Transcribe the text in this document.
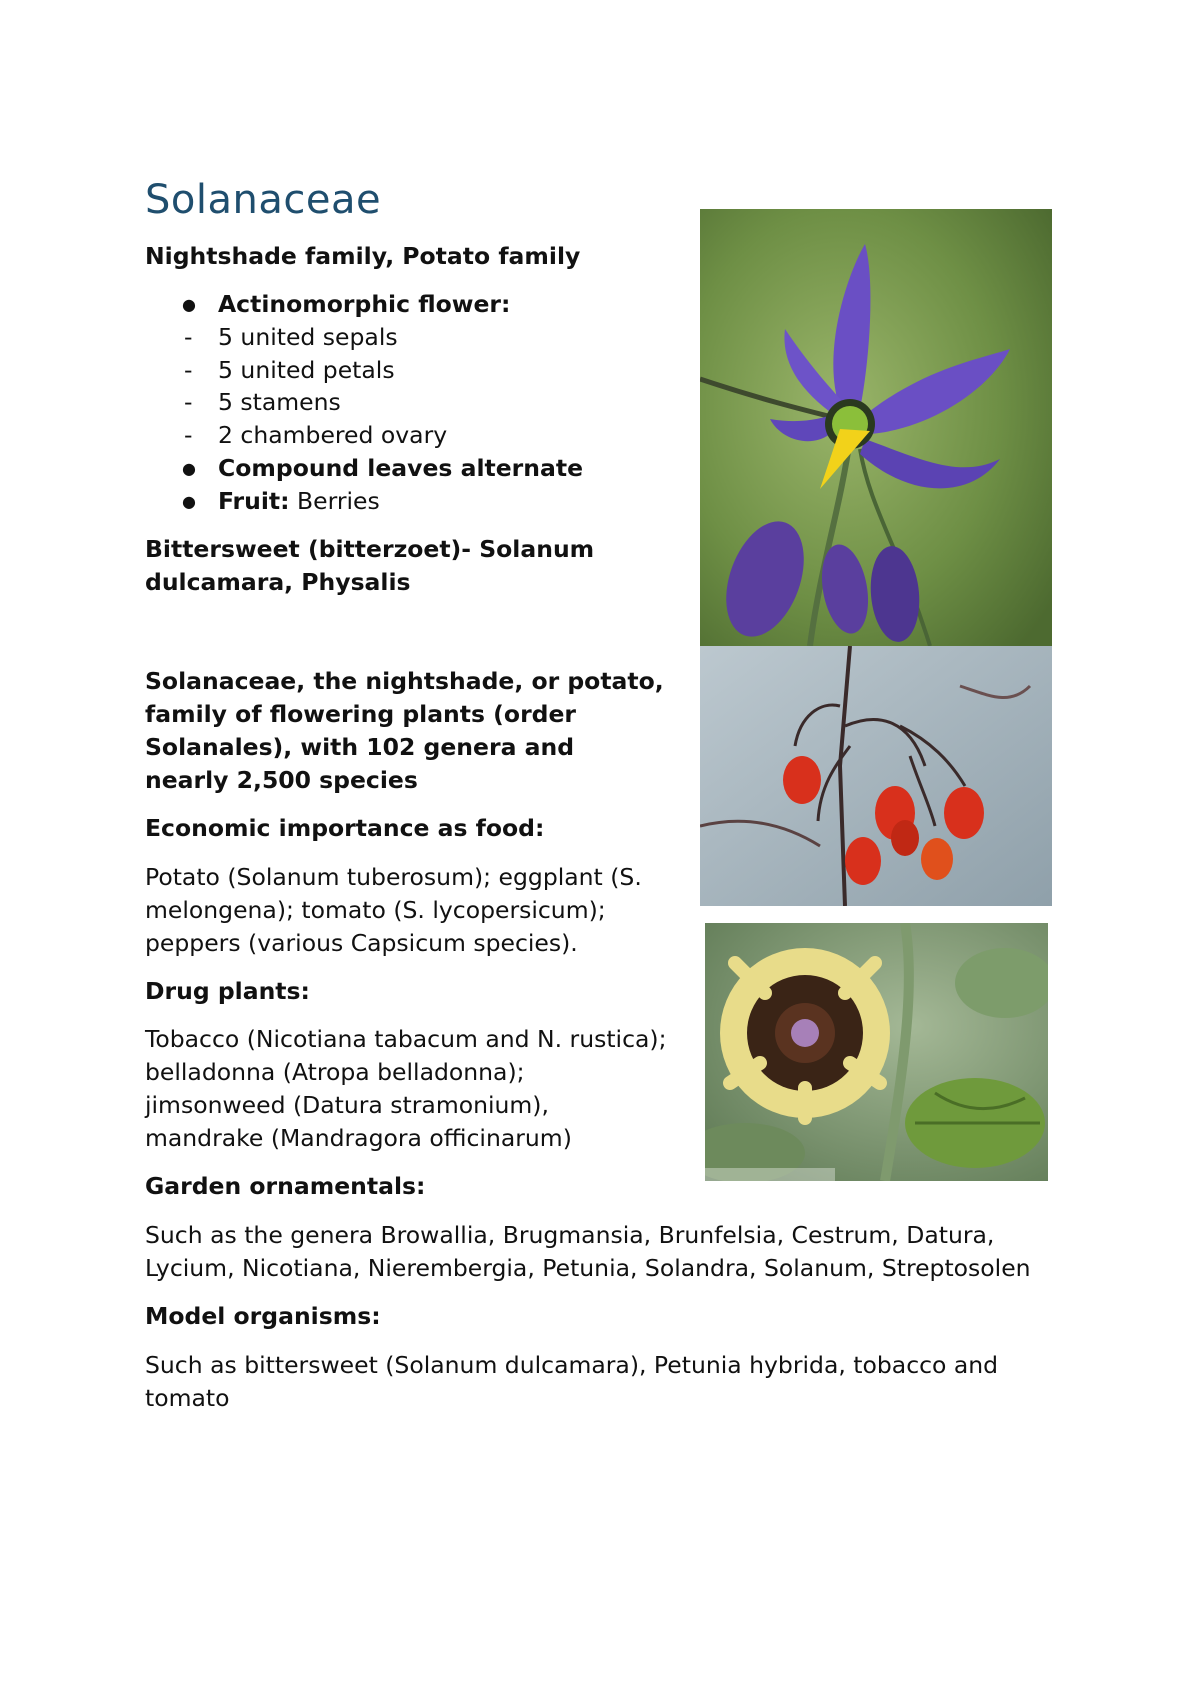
Solanaceae
Nightshade family, Potato family
● Actinomorphic flower:
- 5 united sepals
- 5 united petals
- 5 stamens
- 2 chambered ovary
● Compound leaves alternate
● Fruit: Berries
Bittersweet (bitterzoet)- Solanum
dulcamara, Physalis
Solanaceae, the nightshade, or potato,
family of flowering plants (order
Solanales), with 102 genera and
nearly 2,500 species
Economic importance as food:
Potato (Solanum tuberosum); eggplant (S.
melongena); tomato (S. lycopersicum);
peppers (various Capsicum species).
Drug plants:
Tobacco (Nicotiana tabacum and N. rustica);
belladonna (Atropa belladonna);
jimsonweed (Datura stramonium),
mandrake (Mandragora officinarum)
Garden ornamentals:
Such as the genera Browallia, Brugmansia, Brunfelsia, Cestrum, Datura,
Lycium, Nicotiana, Nierembergia, Petunia, Solandra, Solanum, Streptosolen
Model organisms:
Such as bittersweet (Solanum dulcamara), Petunia hybrida, tobacco and
tomato
